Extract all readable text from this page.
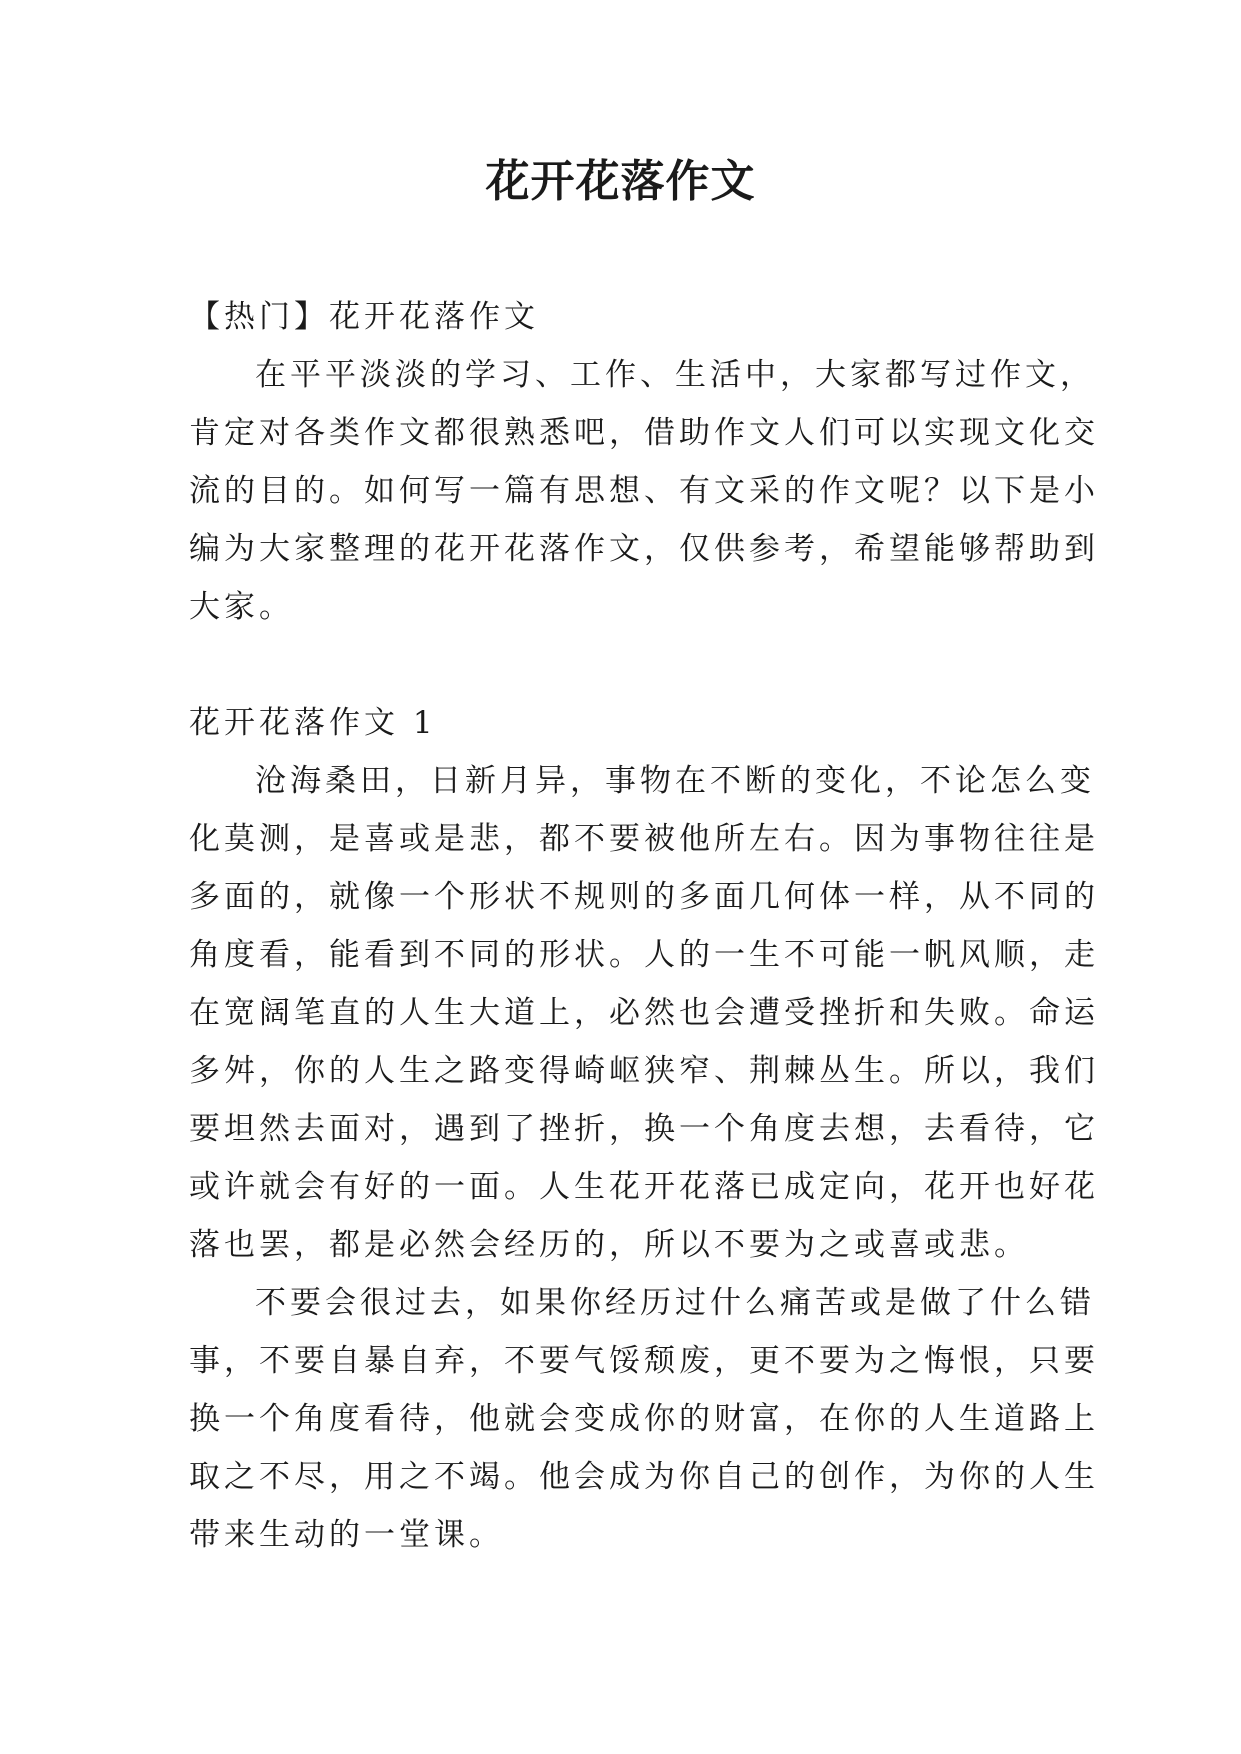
花开花落作文

【热门】花开花落作文

在平平淡淡的学习、工作、生活中，大家都写过作文，

肯定对各类作文都很熟悉吧，借助作文人们可以实现文化交

流的目的。如何写一篇有思想、有文采的作文呢？以下是小

编为大家整理的花开花落作文，仅供参考，希望能够帮助到

大家。

花开花落作文 1

沧海桑田，日新月异，事物在不断的变化，不论怎么变

化莫测，是喜或是悲，都不要被他所左右。因为事物往往是

多面的，就像一个形状不规则的多面几何体一样，从不同的

角度看，能看到不同的形状。人的一生不可能一帆风顺，走

在宽阔笔直的人生大道上，必然也会遭受挫折和失败。命运

多舛，你的人生之路变得崎岖狭窄、荆棘丛生。所以，我们

要坦然去面对，遇到了挫折，换一个角度去想，去看待，它

或许就会有好的一面。人生花开花落已成定向，花开也好花

落也罢，都是必然会经历的，所以不要为之或喜或悲。

不要会很过去，如果你经历过什么痛苦或是做了什么错

事，不要自暴自弃，不要气馁颓废，更不要为之悔恨，只要

换一个角度看待，他就会变成你的财富，在你的人生道路上

取之不尽，用之不竭。他会成为你自己的创作，为你的人生

带来生动的一堂课。
